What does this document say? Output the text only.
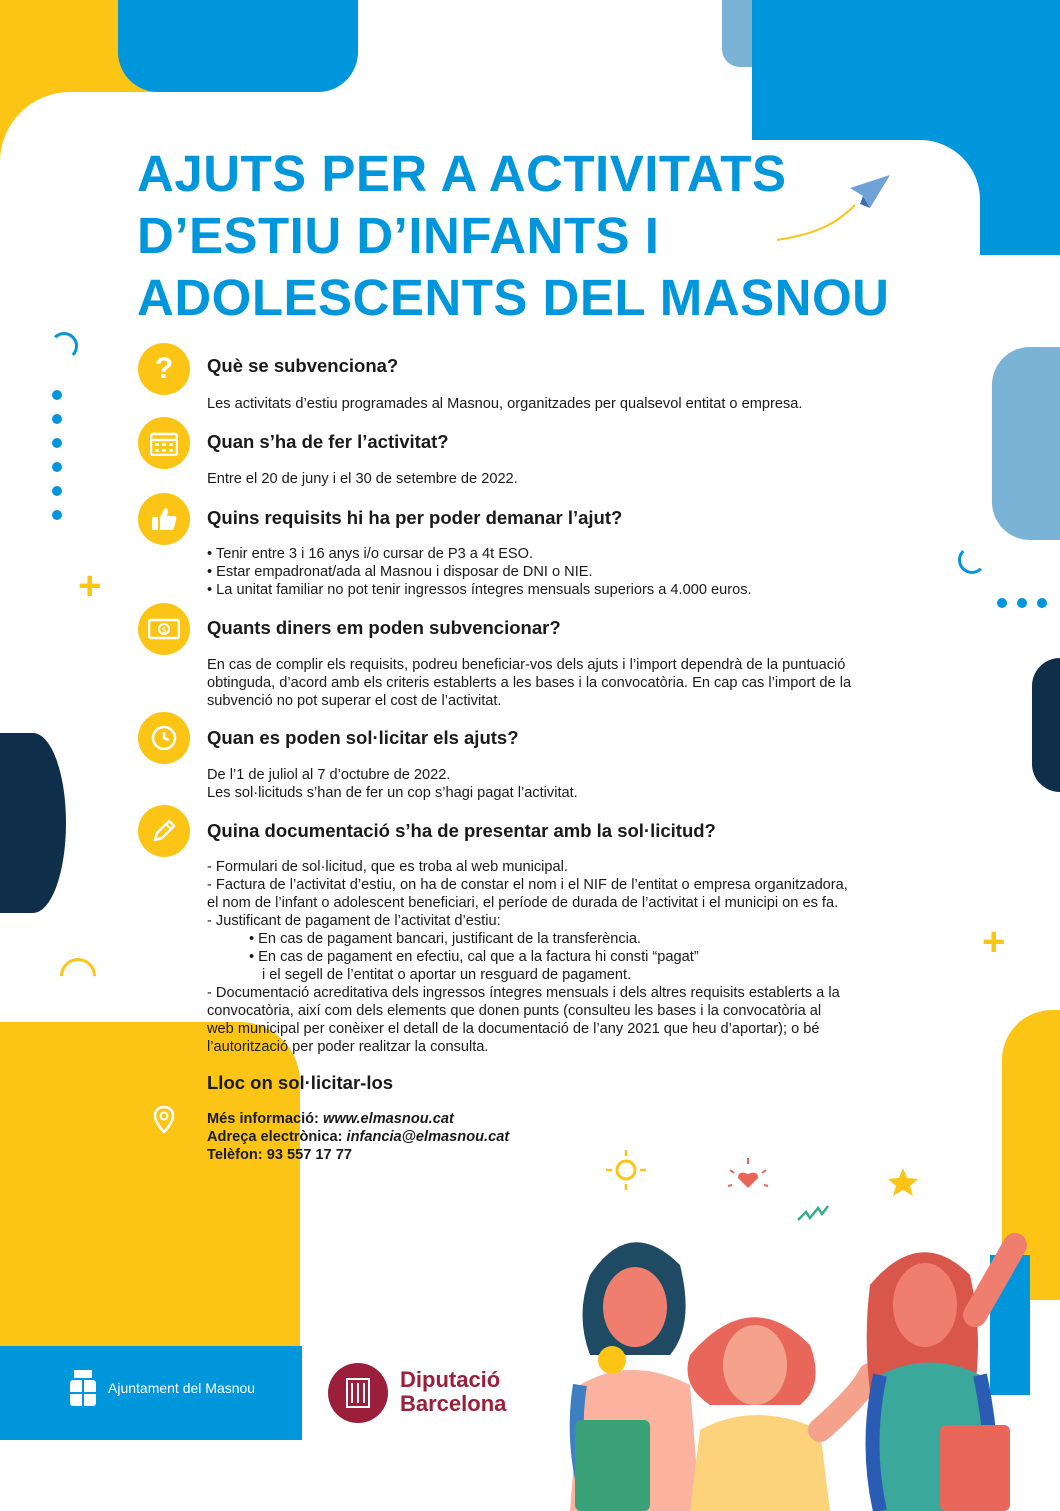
+
+
AJUTS PER A ACTIVITATS
D’ESTIU D’INFANTS I
ADOLESCENTS DEL MASNOU
? Què se subvenciona?
Les activitats d’estiu programades al Masnou, organitzades per qualsevol entitat o empresa.
Quan s’ha de fer l’activitat?
Entre el 20 de juny i el 30 de setembre de 2022.
Quins requisits hi ha per poder demanar l’ajut?
• Tenir entre 3 i 16 anys i/o cursar de P3 a 4t ESO.
• Estar empadronat/ada al Masnou i disposar de DNI o NIE.
• La unitat familiar no pot tenir ingressos íntegres mensuals superiors a 4.000 euros.
$ Quants diners em poden subvencionar?
En cas de complir els requisits, podreu beneficiar-vos dels ajuts i l’import dependrà de la puntuació
obtinguda, d’acord amb els criteris establerts a les bases i la convocatòria. En cap cas l’import de la
subvenció no pot superar el cost de l’activitat.
Quan es poden sol·licitar els ajuts?
De l’1 de juliol al 7 d’octubre de 2022.
Les sol·licituds s’han de fer un cop s’hagi pagat l’activitat.
Quina documentació s’ha de presentar amb la sol·licitud?
- Formulari de sol·licitud, que es troba al web municipal.
- Factura de l’activitat d’estiu, on ha de constar el nom i el NIF de l’entitat o empresa organitzadora,
el nom de l’infant o adolescent beneficiari, el període de durada de l’activitat i el municipi on es fa.
- Justificant de pagament de l’activitat d’estiu:
• En cas de pagament bancari, justificant de la transferència.
• En cas de pagament en efectiu, cal que a la factura hi consti “pagat”
i el segell de l’entitat o aportar un resguard de pagament.
- Documentació acreditativa dels ingressos íntegres mensuals i dels altres requisits establerts a la
convocatòria, així com dels elements que donen punts (consulteu les bases i la convocatòria al
web municipal per conèixer el detall de la documentació de l’any 2021 que heu d’aportar); o bé
l’autorització per poder realitzar la consulta.
Lloc on sol·licitar-los
Més informació: www.elmasnou.cat
Adreça electrònica: infancia@elmasnou.cat
Telèfon: 93 557 17 77
Ajuntament del Masnou	Diputació
Barcelona
